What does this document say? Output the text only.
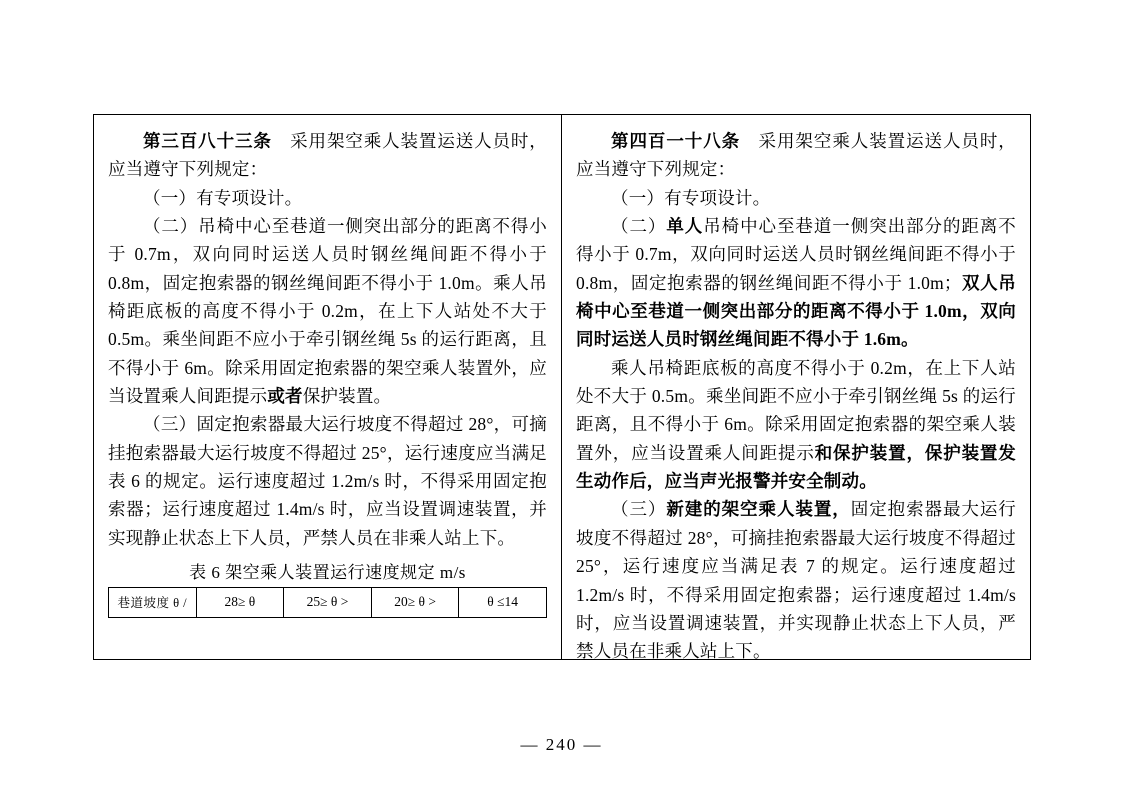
第三百八十三条　采用架空乘人装置运送人员时，应当遵守下列规定：

（一）有专项设计。

（二）吊椅中心至巷道一侧突出部分的距离不得小于 0.7m，双向同时运送人员时钢丝绳间距不得小于 0.8m，固定抱索器的钢丝绳间距不得小于 1.0m。乘人吊椅距底板的高度不得小于 0.2m，在上下人站处不大于 0.5m。乘坐间距不应小于牵引钢丝绳 5s 的运行距离，且不得小于 6m。除采用固定抱索器的架空乘人装置外，应当设置乘人间距提示或者保护装置。

（三）固定抱索器最大运行坡度不得超过 28°，可摘挂抱索器最大运行坡度不得超过 25°，运行速度应当满足表 6 的规定。运行速度超过 1.2m/s 时，不得采用固定抱索器；运行速度超过 1.4m/s 时，应当设置调速装置，并实现静止状态上下人员，严禁人员在非乘人站上下。

表 6 架空乘人装置运行速度规定 m/s
巷道坡度 θ /	28≥ θ	25≥ θ >	20≥ θ >	θ ≤14

第四百一十八条　采用架空乘人装置运送人员时，应当遵守下列规定：

（一）有专项设计。

（二）单人吊椅中心至巷道一侧突出部分的距离不得小于 0.7m，双向同时运送人员时钢丝绳间距不得小于 0.8m，固定抱索器的钢丝绳间距不得小于 1.0m；双人吊椅中心至巷道一侧突出部分的距离不得小于 1.0m，双向同时运送人员时钢丝绳间距不得小于 1.6m。

乘人吊椅距底板的高度不得小于 0.2m，在上下人站处不大于 0.5m。乘坐间距不应小于牵引钢丝绳 5s 的运行距离，且不得小于 6m。除采用固定抱索器的架空乘人装置外，应当设置乘人间距提示和保护装置，保护装置发生动作后，应当声光报警并安全制动。

（三）新建的架空乘人装置，固定抱索器最大运行坡度不得超过 28°，可摘挂抱索器最大运行坡度不得超过 25°，运行速度应当满足表 7 的规定。运行速度超过 1.2m/s 时，不得采用固定抱索器；运行速度超过 1.4m/s 时，应当设置调速装置，并实现静止状态上下人员，严禁人员在非乘人站上下。

— 240 —
